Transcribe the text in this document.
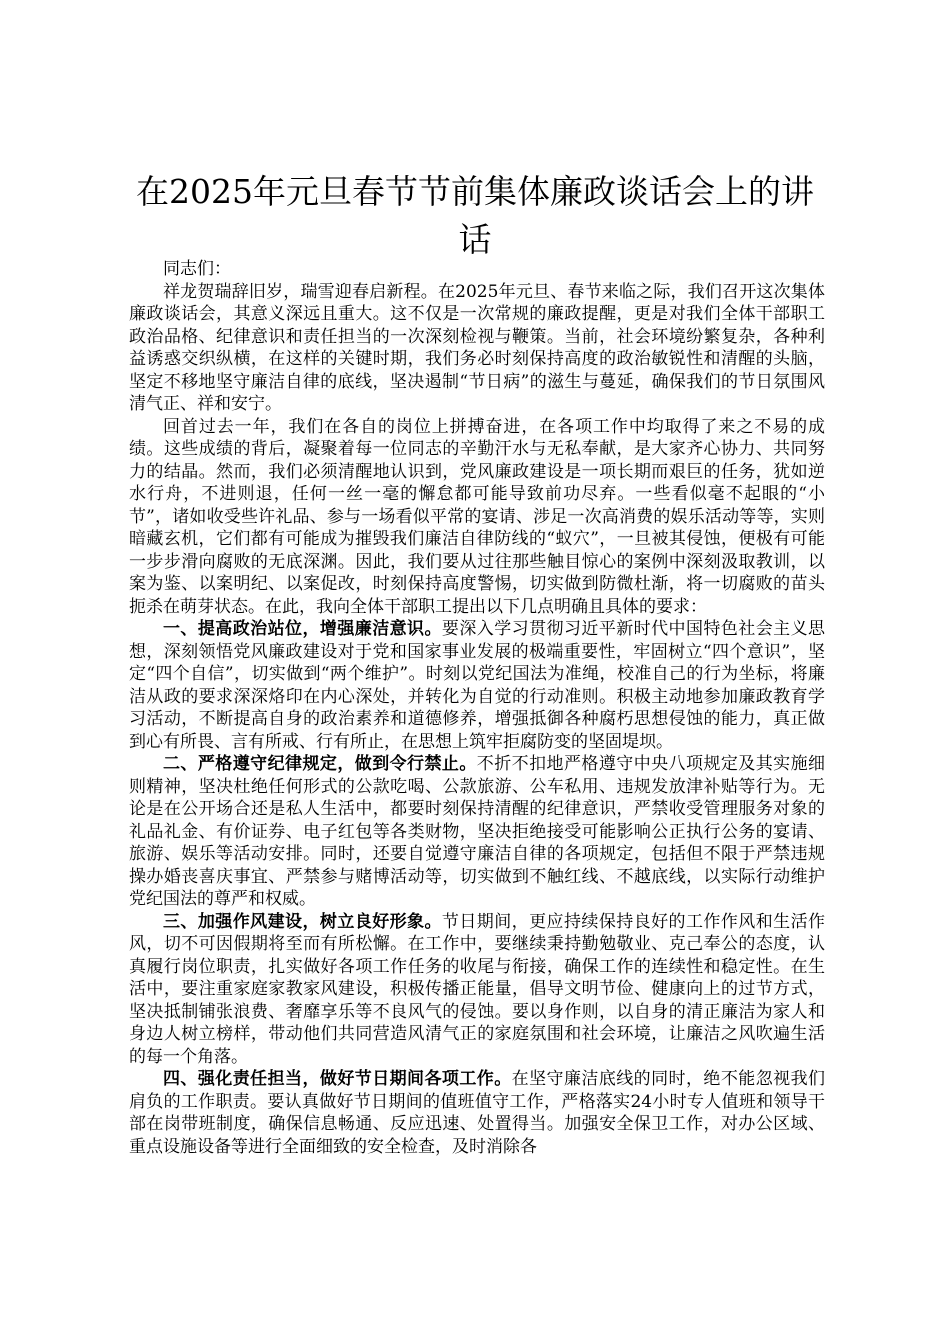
在2025年元旦春节节前集体廉政谈话会上的讲话

同志们：

祥龙贺瑞辞旧岁，瑞雪迎春启新程。在2025年元旦、春节来临之际，我们召开这次集体廉政谈话会，其意义深远且重大。这不仅是一次常规的廉政提醒，更是对我们全体干部职工政治品格、纪律意识和责任担当的一次深刻检视与鞭策。当前，社会环境纷繁复杂，各种利益诱惑交织纵横，在这样的关键时期，我们务必时刻保持高度的政治敏锐性和清醒的头脑，坚定不移地坚守廉洁自律的底线，坚决遏制“节日病”的滋生与蔓延，确保我们的节日氛围风清气正、祥和安宁。

回首过去一年，我们在各自的岗位上拼搏奋进，在各项工作中均取得了来之不易的成绩。这些成绩的背后，凝聚着每一位同志的辛勤汗水与无私奉献，是大家齐心协力、共同努力的结晶。然而，我们必须清醒地认识到，党风廉政建设是一项长期而艰巨的任务，犹如逆水行舟，不进则退，任何一丝一毫的懈怠都可能导致前功尽弃。一些看似毫不起眼的“小节”，诸如收受些许礼品、参与一场看似平常的宴请、涉足一次高消费的娱乐活动等等，实则暗藏玄机，它们都有可能成为摧毁我们廉洁自律防线的“蚁穴”，一旦被其侵蚀，便极有可能一步步滑向腐败的无底深渊。因此，我们要从过往那些触目惊心的案例中深刻汲取教训，以案为鉴、以案明纪、以案促改，时刻保持高度警惕，切实做到防微杜渐，将一切腐败的苗头扼杀在萌芽状态。在此，我向全体干部职工提出以下几点明确且具体的要求：

一、提高政治站位，增强廉洁意识。要深入学习贯彻习近平新时代中国特色社会主义思想，深刻领悟党风廉政建设对于党和国家事业发展的极端重要性，牢固树立“四个意识”，坚定“四个自信”，切实做到“两个维护”。时刻以党纪国法为准绳，校准自己的行为坐标，将廉洁从政的要求深深烙印在内心深处，并转化为自觉的行动准则。积极主动地参加廉政教育学习活动，不断提高自身的政治素养和道德修养，增强抵御各种腐朽思想侵蚀的能力，真正做到心有所畏、言有所戒、行有所止，在思想上筑牢拒腐防变的坚固堤坝。

二、严格遵守纪律规定，做到令行禁止。不折不扣地严格遵守中央八项规定及其实施细则精神，坚决杜绝任何形式的公款吃喝、公款旅游、公车私用、违规发放津补贴等行为。无论是在公开场合还是私人生活中，都要时刻保持清醒的纪律意识，严禁收受管理服务对象的礼品礼金、有价证券、电子红包等各类财物，坚决拒绝接受可能影响公正执行公务的宴请、旅游、娱乐等活动安排。同时，还要自觉遵守廉洁自律的各项规定，包括但不限于严禁违规操办婚丧喜庆事宜、严禁参与赌博活动等，切实做到不触红线、不越底线，以实际行动维护党纪国法的尊严和权威。

三、加强作风建设，树立良好形象。节日期间，更应持续保持良好的工作作风和生活作风，切不可因假期将至而有所松懈。在工作中，要继续秉持勤勉敬业、克己奉公的态度，认真履行岗位职责，扎实做好各项工作任务的收尾与衔接，确保工作的连续性和稳定性。在生活中，要注重家庭家教家风建设，积极传播正能量，倡导文明节俭、健康向上的过节方式，坚决抵制铺张浪费、奢靡享乐等不良风气的侵蚀。要以身作则，以自身的清正廉洁为家人和身边人树立榜样，带动他们共同营造风清气正的家庭氛围和社会环境，让廉洁之风吹遍生活的每一个角落。

四、强化责任担当，做好节日期间各项工作。在坚守廉洁底线的同时，绝不能忽视我们肩负的工作职责。要认真做好节日期间的值班值守工作，严格落实24小时专人值班和领导干部在岗带班制度，确保信息畅通、反应迅速、处置得当。加强安全保卫工作，对办公区域、重点设施设备等进行全面细致的安全检查，及时消除各
